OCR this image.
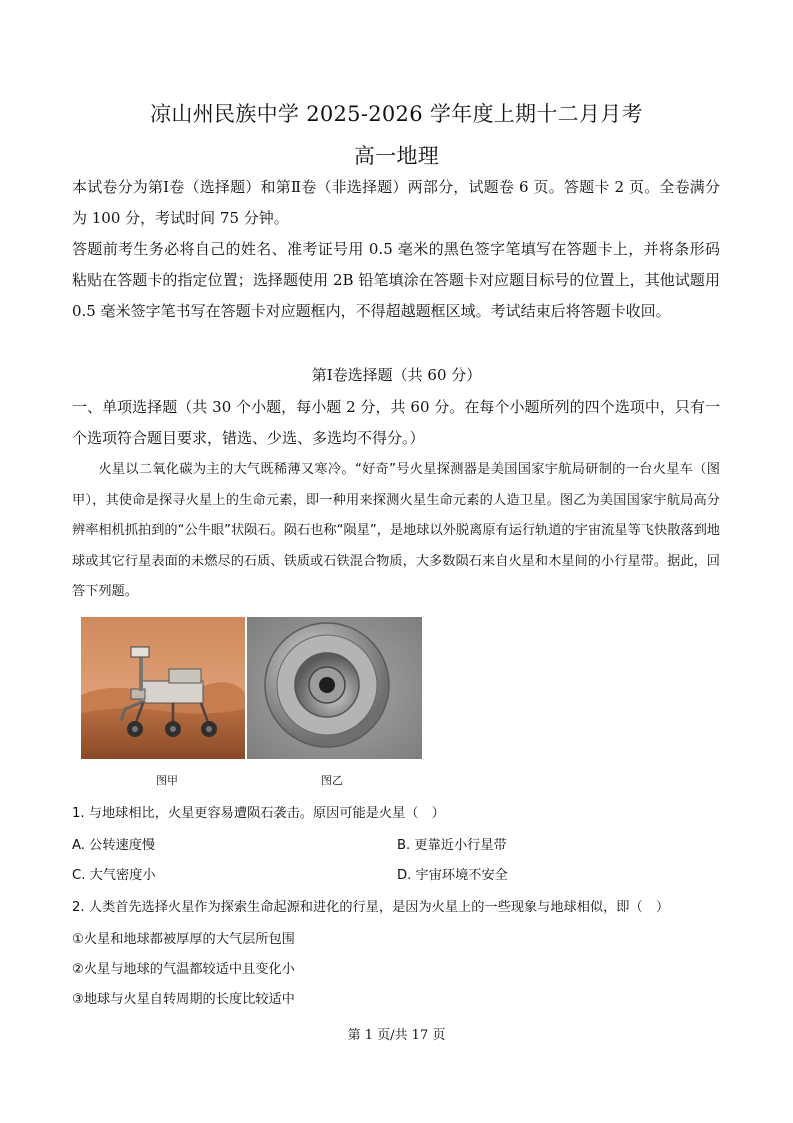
凉山州民族中学 2025-2026 学年度上期十二月月考
高一地理
本试卷分为第Ⅰ卷（选择题）和第Ⅱ卷（非选择题）两部分，试题卷 6 页。答题卡 2 页。全卷满分为 100 分，考试时间 75 分钟。
答题前考生务必将自己的姓名、准考证号用 0.5 毫米的黑色签字笔填写在答题卡上，并将条形码粘贴在答题卡的指定位置；选择题使用 2B 铅笔填涂在答题卡对应题目标号的位置上，其他试题用 0.5 毫米签字笔书写在答题卡对应题框内，不得超越题框区域。考试结束后将答题卡收回。
第Ⅰ卷选择题（共 60 分）
一、单项选择题（共 30 个小题，每小题 2 分，共 60 分。在每个小题所列的四个选项中，只有一个选项符合题目要求，错选、少选、多选均不得分。）
火星以二氧化碳为主的大气既稀薄又寒冷。“好奇”号火星探测器是美国国家宇航局研制的一台火星车（图甲），其使命是探寻火星上的生命元素，即一种用来探测火星生命元素的人造卫星。图乙为美国国家宇航局高分辨率相机抓拍到的“公牛眼”状陨石。陨石也称“陨星”，是地球以外脱离原有运行轨道的宇宙流星等飞快散落到地球或其它行星表面的未燃尽的石质、铁质或石铁混合物质，大多数陨石来自火星和木星间的小行星带。据此，回答下列题。
图甲	图乙
1. 与地球相比，火星更容易遭陨石袭击。原因可能是火星（　）
A. 公转速度慢	B. 更靠近小行星带
C. 大气密度小	D. 宇宙环境不安全
2. 人类首先选择火星作为探索生命起源和进化的行星，是因为火星上的一些现象与地球相似，即（　）
①火星和地球都被厚厚的大气层所包围
②火星与地球的气温都较适中且变化小
③地球与火星自转周期的长度比较适中
第 1 页/共 17 页
